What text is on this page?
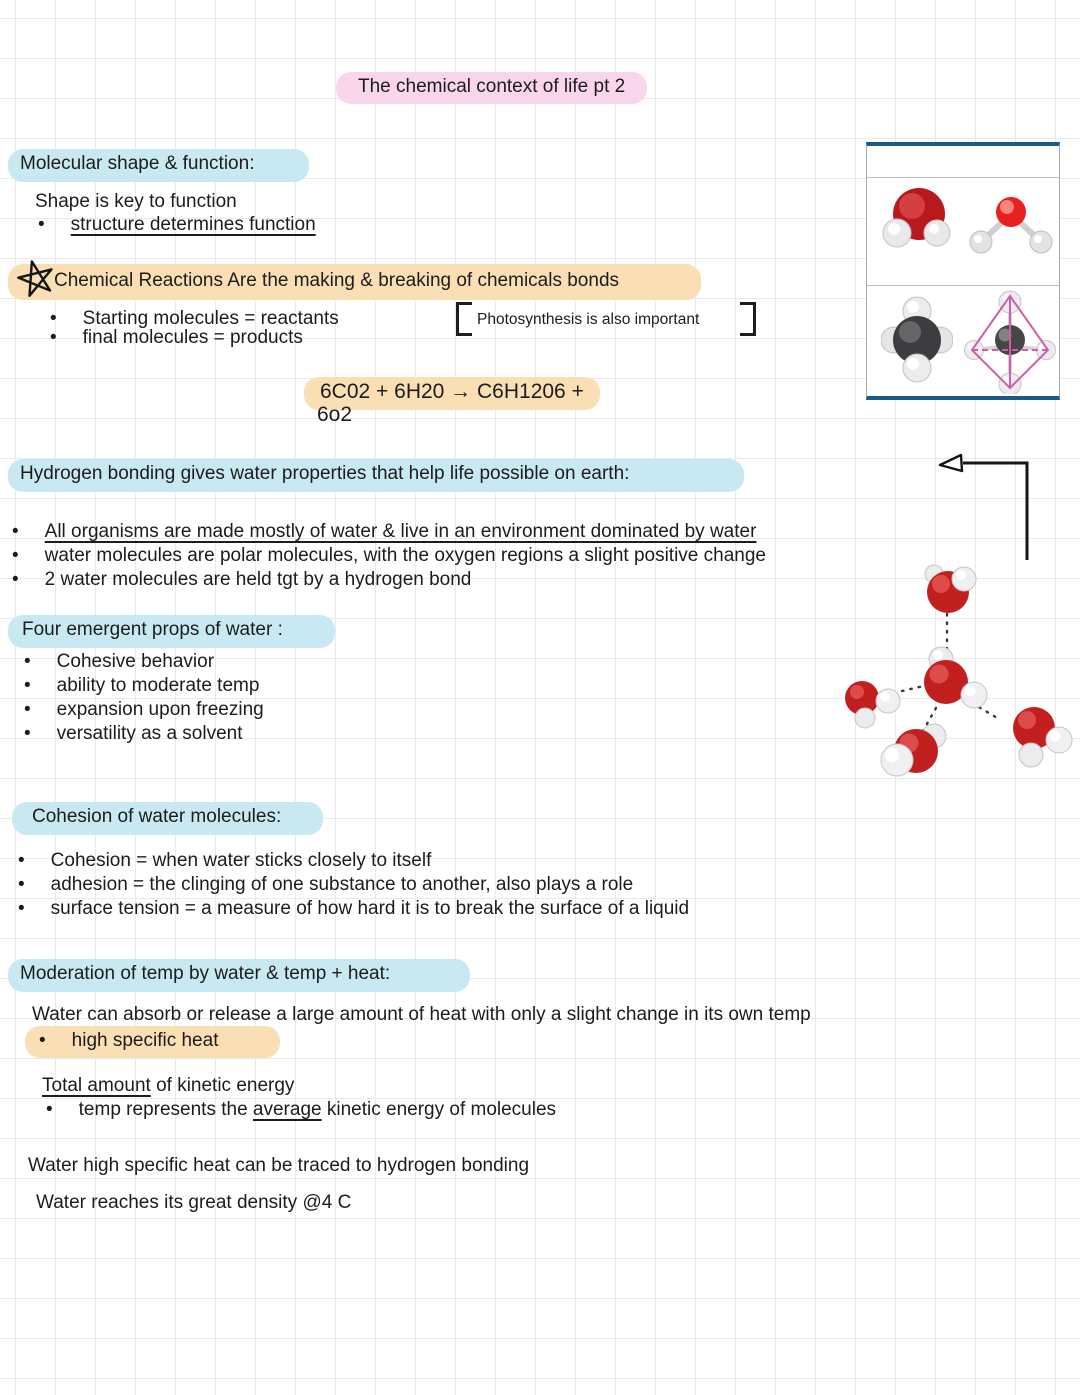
The chemical context of life pt 2
Molecular shape & function:
Shape is key to function
• structure determines function
Chemical Reactions Are the making & breaking of chemicals bonds
• Starting molecules = reactants
• final molecules = products
Photosynthesis is also important
6C02 + 6H20 → C6H1206 +
6o2
Hydrogen bonding gives water properties that help life possible on earth:
• All organisms are made mostly of water & live in an environment dominated by water
• water molecules are polar molecules, with the oxygen regions a slight positive change
• 2 water molecules are held tgt by a hydrogen bond
Four emergent props of water :
• Cohesive behavior
• ability to moderate temp
• expansion upon freezing
• versatility as a solvent
Cohesion of water molecules:
• Cohesion = when water sticks closely to itself
• adhesion = the clinging of one substance to another, also plays a role
• surface tension = a measure of how hard it is to break the surface of a liquid
Moderation of temp by water & temp + heat:
Water can absorb or release a large amount of heat with only a slight change in its own temp
• high specific heat
Total amount of kinetic energy
• temp represents the average kinetic energy of molecules
Water high specific heat can be traced to hydrogen bonding
Water reaches its great density @4 C
